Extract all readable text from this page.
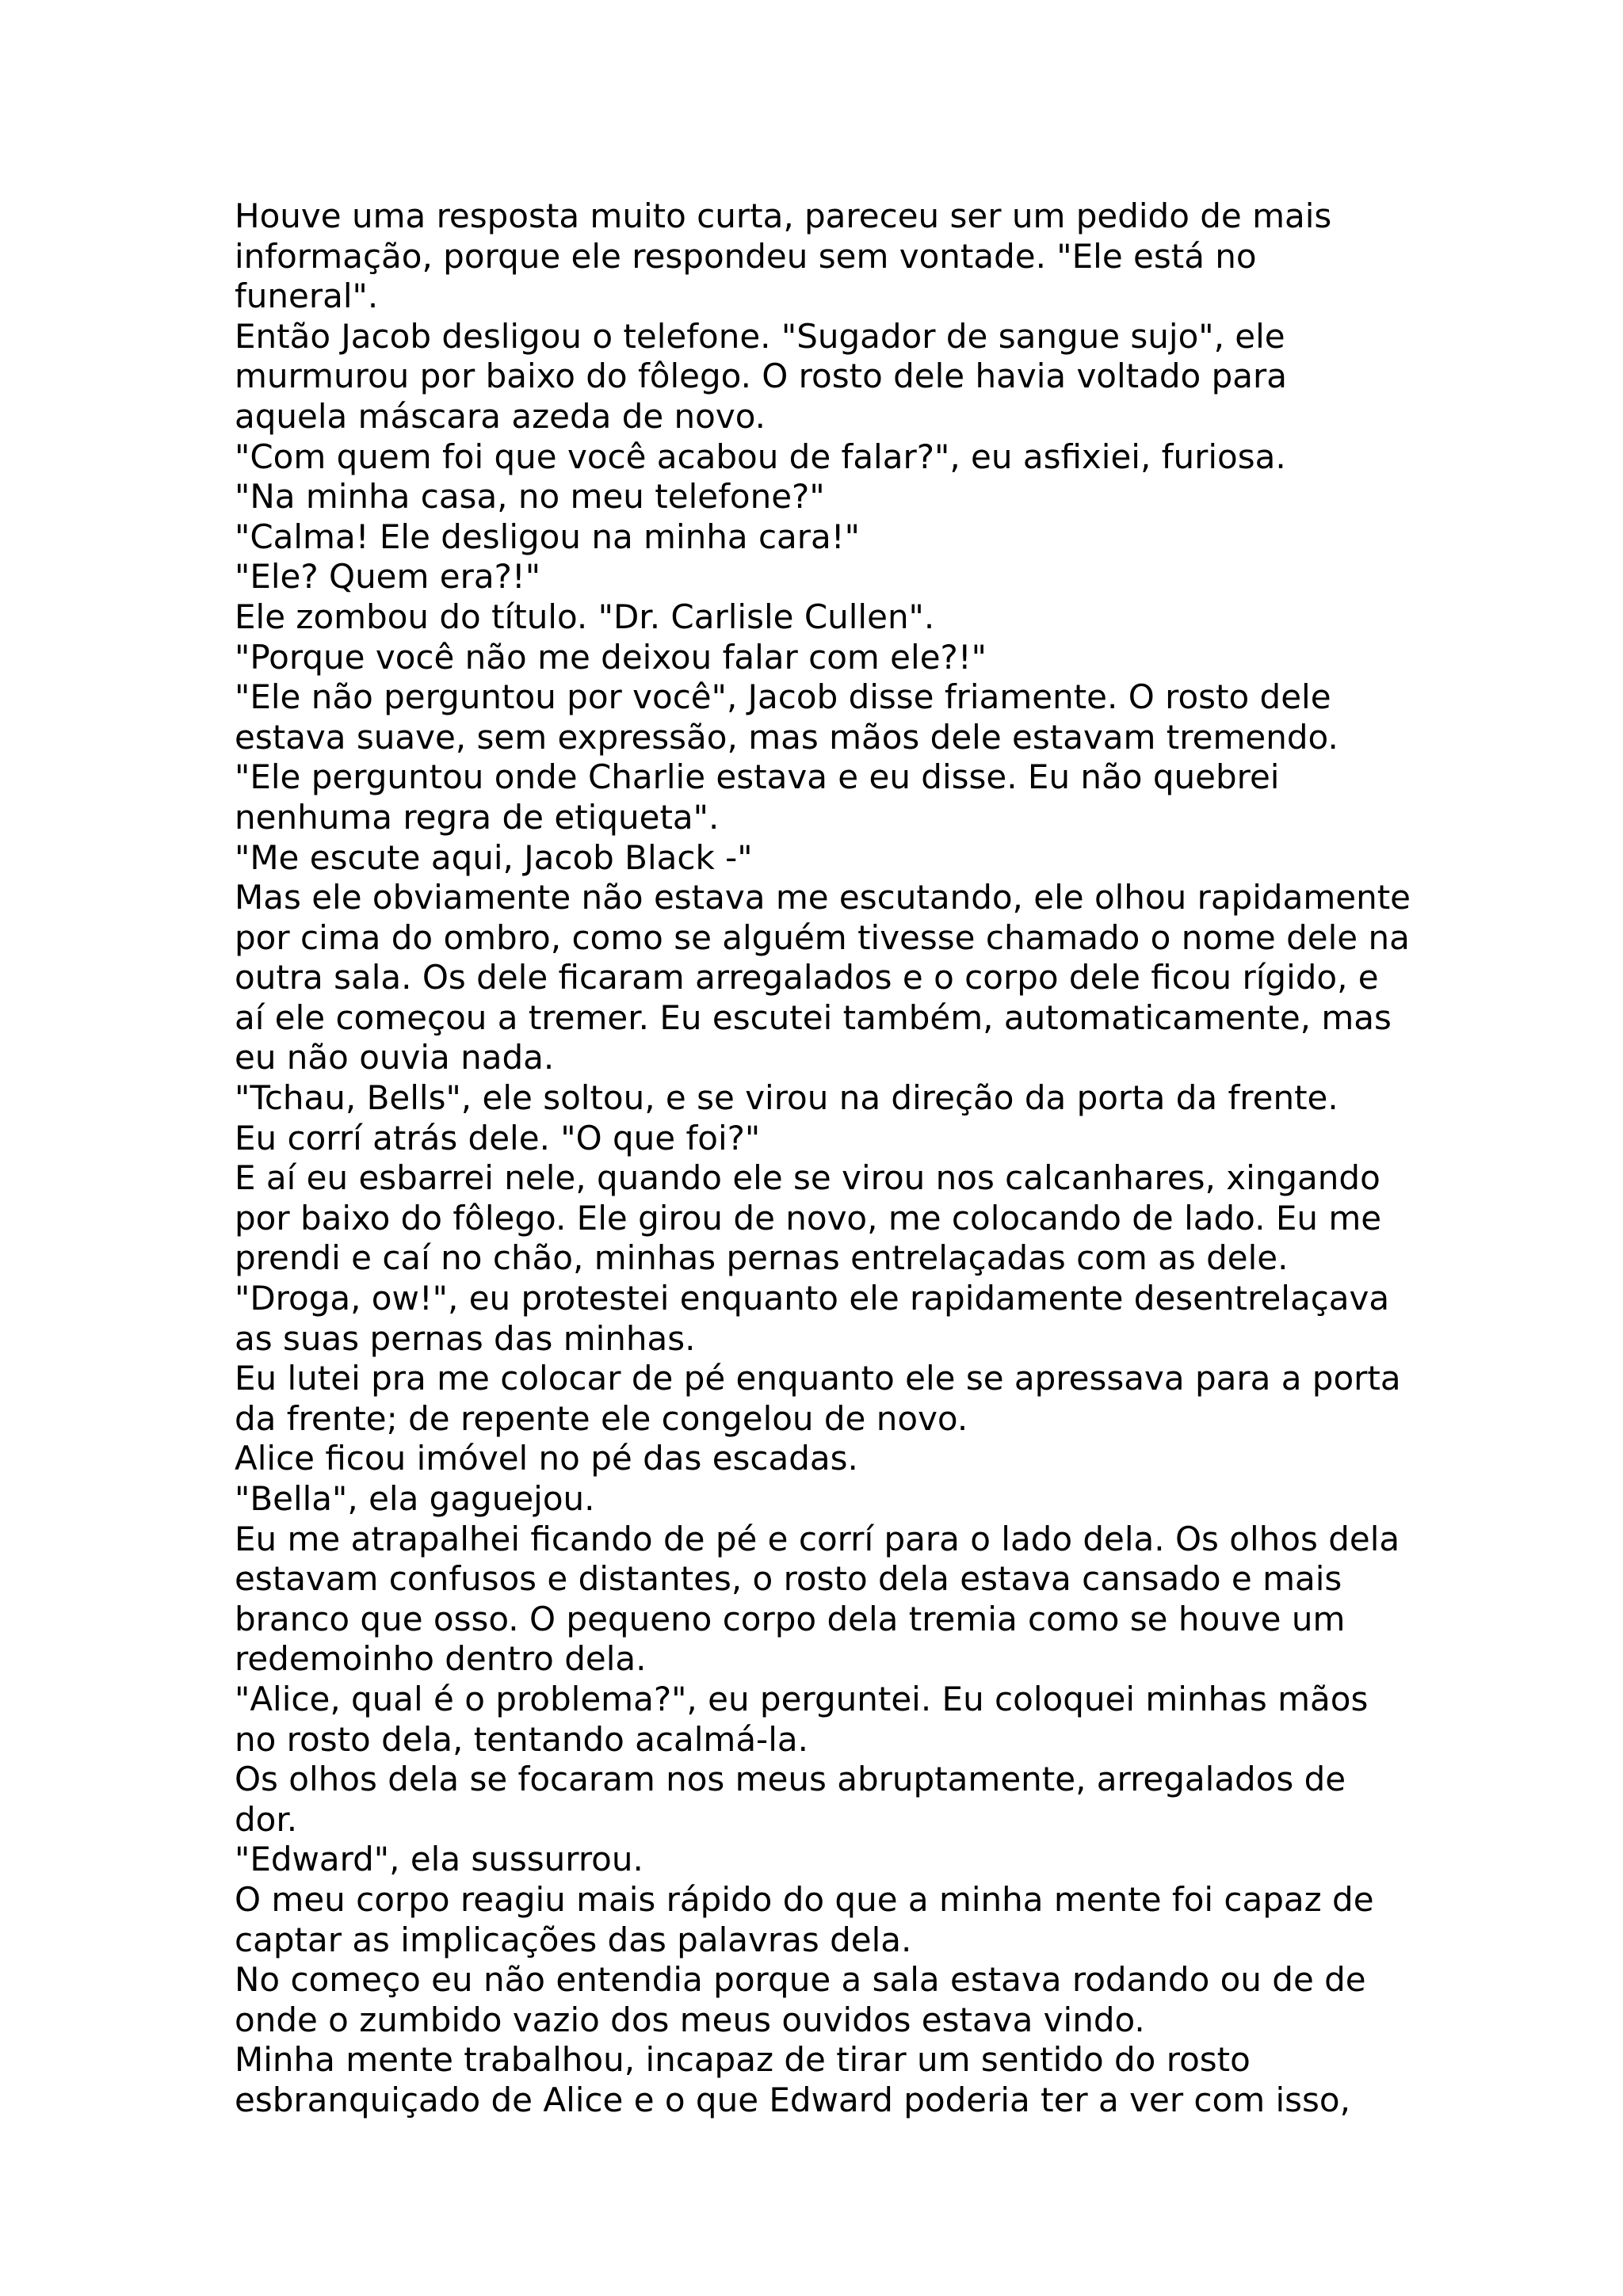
Houve uma resposta muito curta, pareceu ser um pedido de mais
informação, porque ele respondeu sem vontade. "Ele está no
funeral".
Então Jacob desligou o telefone. "Sugador de sangue sujo", ele
murmurou por baixo do fôlego. O rosto dele havia voltado para
aquela máscara azeda de novo.
"Com quem foi que você acabou de falar?", eu asfixiei, furiosa.
"Na minha casa, no meu telefone?"
"Calma! Ele desligou na minha cara!"
"Ele? Quem era?!"
Ele zombou do título. "Dr. Carlisle Cullen".
"Porque você não me deixou falar com ele?!"
"Ele não perguntou por você", Jacob disse friamente. O rosto dele
estava suave, sem expressão, mas mãos dele estavam tremendo.
"Ele perguntou onde Charlie estava e eu disse. Eu não quebrei
nenhuma regra de etiqueta".
"Me escute aqui, Jacob Black -"
Mas ele obviamente não estava me escutando, ele olhou rapidamente
por cima do ombro, como se alguém tivesse chamado o nome dele na
outra sala. Os dele ficaram arregalados e o corpo dele ficou rígido, e
aí ele começou a tremer. Eu escutei também, automaticamente, mas
eu não ouvia nada.
"Tchau, Bells", ele soltou, e se virou na direção da porta da frente.
Eu corrí atrás dele. "O que foi?"
E aí eu esbarrei nele, quando ele se virou nos calcanhares, xingando
por baixo do fôlego. Ele girou de novo, me colocando de lado. Eu me
prendi e caí no chão, minhas pernas entrelaçadas com as dele.
"Droga, ow!", eu protestei enquanto ele rapidamente desentrelaçava
as suas pernas das minhas.
Eu lutei pra me colocar de pé enquanto ele se apressava para a porta
da frente; de repente ele congelou de novo.
Alice ficou imóvel no pé das escadas.
"Bella", ela gaguejou.
Eu me atrapalhei ficando de pé e corrí para o lado dela. Os olhos dela
estavam confusos e distantes, o rosto dela estava cansado e mais
branco que osso. O pequeno corpo dela tremia como se houve um
redemoinho dentro dela.
"Alice, qual é o problema?", eu perguntei. Eu coloquei minhas mãos
no rosto dela, tentando acalmá-la.
Os olhos dela se focaram nos meus abruptamente, arregalados de
dor.
"Edward", ela sussurrou.
O meu corpo reagiu mais rápido do que a minha mente foi capaz de
captar as implicações das palavras dela.
No começo eu não entendia porque a sala estava rodando ou de de
onde o zumbido vazio dos meus ouvidos estava vindo.
Minha mente trabalhou, incapaz de tirar um sentido do rosto
esbranquiçado de Alice e o que Edward poderia ter a ver com isso,
